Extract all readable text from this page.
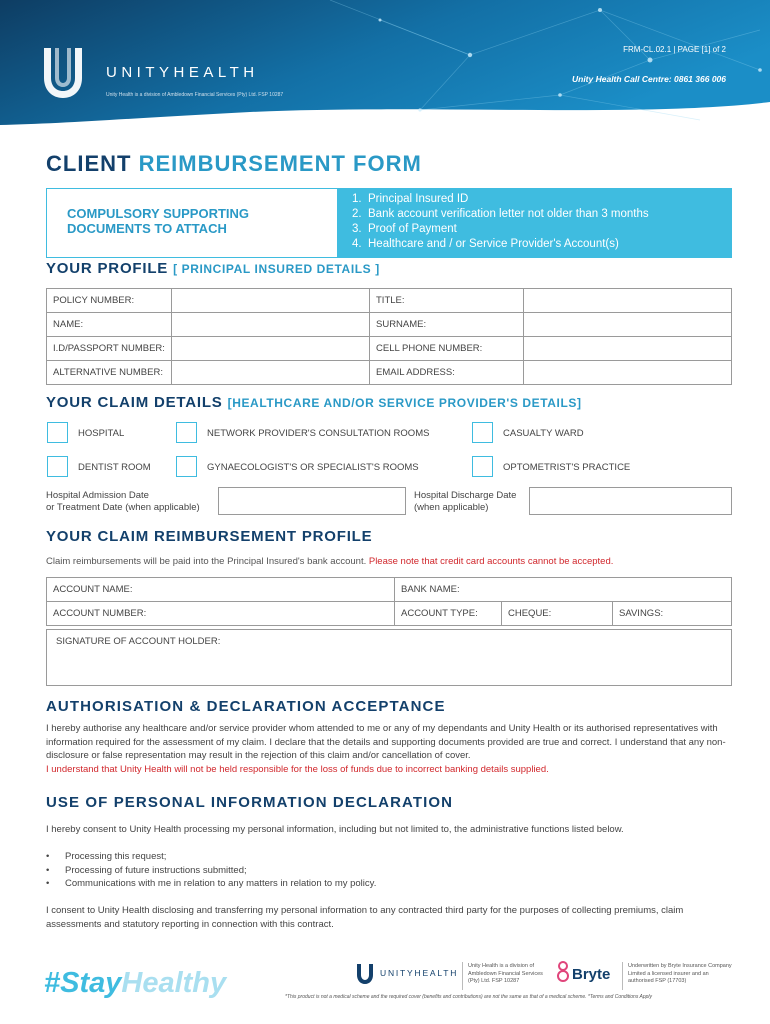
UNITYHEALTH
Unity Health is a division of Ambledown Financial Services (Pty) Ltd. FSP 10287
FRM-CL.02.1 | PAGE [1] of 2
Unity Health Call Centre: 0861 366 006
CLIENT REIMBURSEMENT FORM
COMPULSORY SUPPORTING DOCUMENTS TO ATTACH
1. Principal Insured ID
2. Bank account verification letter not older than 3 months
3. Proof of Payment
4. Healthcare and / or Service Provider's Account(s)
YOUR PROFILE [ PRINCIPAL INSURED DETAILS ]
POLICY NUMBER:	TITLE:
NAME:	SURNAME:
I.D/PASSPORT NUMBER:	CELL PHONE NUMBER:
ALTERNATIVE NUMBER:	EMAIL ADDRESS:
YOUR CLAIM DETAILS [HEALTHCARE AND/OR SERVICE PROVIDER'S DETAILS]
HOSPITAL	NETWORK PROVIDER'S CONSULTATION ROOMS	CASUALTY WARD
DENTIST ROOM	GYNAECOLOGIST'S OR SPECIALIST'S ROOMS	OPTOMETRIST'S PRACTICE
Hospital Admission Date
or Treatment Date (when applicable)
Hospital Discharge Date
(when applicable)
YOUR CLAIM REIMBURSEMENT PROFILE
Claim reimbursements will be paid into the Principal Insured's bank account. Please note that credit card accounts cannot be accepted.
ACCOUNT NAME:	BANK NAME:
ACCOUNT NUMBER:	ACCOUNT TYPE:	CHEQUE:	SAVINGS:
SIGNATURE OF ACCOUNT HOLDER:
AUTHORISATION & DECLARATION ACCEPTANCE
I hereby authorise any healthcare and/or service provider whom attended to me or any of my dependants and Unity Health or its authorised representatives with information required for the assessment of my claim. I declare that the details and supporting documents provided are true and correct. I understand that any non-disclosure or false representation may result in the rejection of this claim and/or cancellation of cover.
I understand that Unity Health will not be held responsible for the loss of funds due to incorrect banking details supplied.
USE OF PERSONAL INFORMATION DECLARATION
I hereby consent to Unity Health processing my personal information, including but not limited to, the administrative functions listed below.
• Processing this request;
• Processing of future instructions submitted;
• Communications with me in relation to any matters in relation to my policy.
I consent to Unity Health disclosing and transferring my personal information to any contracted third party for the purposes of collecting premiums, claim assessments and statutory reporting in connection with this contract.
#StayHealthy	UNITYHEALTH
Unity Health is a division of Ambledown Financial Services (Pty) Ltd. FSP 10287	Bryte	Underwritten by Bryte Insurance Company Limited a licensed insurer and an authorised FSP (17703)
*This product is not a medical scheme and the required cover (benefits and contributions) are not the same as that of a medical scheme. *Terms and Conditions Apply
